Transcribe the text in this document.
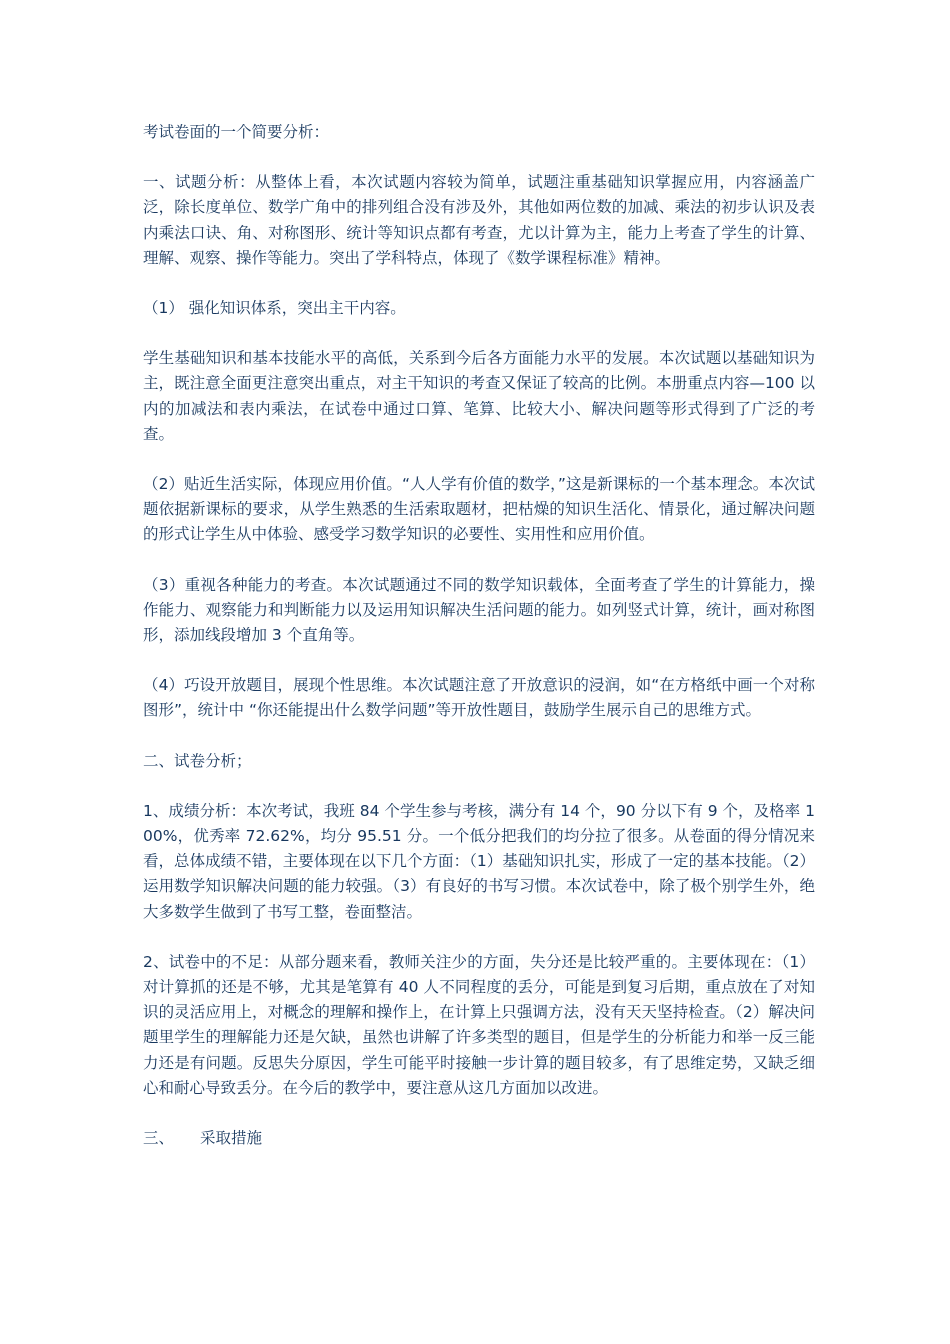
考试卷面的一个简要分析：

一、试题分析：从整体上看，本次试题内容较为简单，试题注重基础知识掌握应用，内容涵盖广泛，除长度单位、数学广角中的排列组合没有涉及外，其他如两位数的加减、乘法的初步认识及表内乘法口诀、角、对称图形、统计等知识点都有考查，尤以计算为主，能力上考查了学生的计算、理解、观察、操作等能力。突出了学科特点，体现了《数学课程标准》精神。

（1） 强化知识体系，突出主干内容。

学生基础知识和基本技能水平的高低，关系到今后各方面能力水平的发展。本次试题以基础知识为主，既注意全面更注意突出重点，对主干知识的考查又保证了较高的比例。本册重点内容—100 以内的加减法和表内乘法，在试卷中通过口算、笔算、比较大小、解决问题等形式得到了广泛的考查。

（2）贴近生活实际，体现应用价值。“人人学有价值的数学，”这是新课标的一个基本理念。本次试题依据新课标的要求，从学生熟悉的生活索取题材，把枯燥的知识生活化、情景化，通过解决问题的形式让学生从中体验、感受学习数学知识的必要性、实用性和应用价值。

（3）重视各种能力的考查。本次试题通过不同的数学知识载体，全面考查了学生的计算能力，操作能力、观察能力和判断能力以及运用知识解决生活问题的能力。如列竖式计算，统计，画对称图形，添加线段增加 3 个直角等。

（4）巧设开放题目，展现个性思维。本次试题注意了开放意识的浸润，如“在方格纸中画一个对称图形”，统计中 “你还能提出什么数学问题”等开放性题目，鼓励学生展示自己的思维方式。

二、试卷分析；

1、成绩分析：本次考试，我班 84 个学生参与考核，满分有 14 个，90 分以下有 9 个，及格率 100%，优秀率 72.62%，均分 95.51 分。一个低分把我们的均分拉了很多。从卷面的得分情况来看，总体成绩不错，主要体现在以下几个方面：（1）基础知识扎实，形成了一定的基本技能。（2）运用数学知识解决问题的能力较强。（3）有良好的书写习惯。本次试卷中，除了极个别学生外，绝大多数学生做到了书写工整，卷面整洁。

2、试卷中的不足：从部分题来看，教师关注少的方面，失分还是比较严重的。主要体现在：（1）对计算抓的还是不够，尤其是笔算有 40 人不同程度的丢分，可能是到复习后期，重点放在了对知识的灵活应用上，对概念的理解和操作上，在计算上只强调方法，没有天天坚持检查。（2）解决问题里学生的理解能力还是欠缺，虽然也讲解了许多类型的题目，但是学生的分析能力和举一反三能力还是有问题。反思失分原因，学生可能平时接触一步计算的题目较多，有了思维定势，又缺乏细心和耐心导致丢分。在今后的教学中，要注意从这几方面加以改进。

三、 采取措施
